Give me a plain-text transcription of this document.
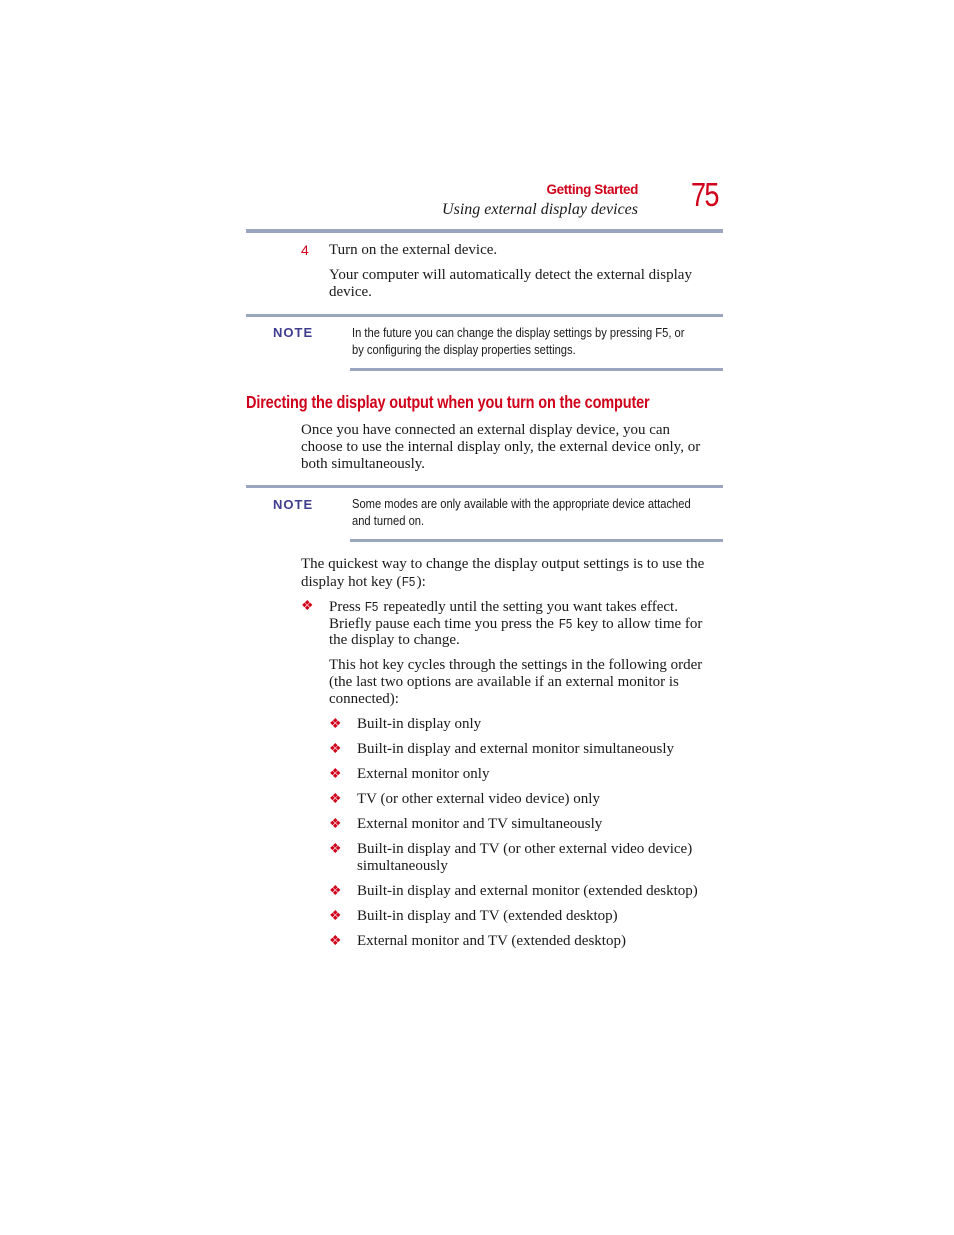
Getting Started
Using external display devices 75
4 Turn on the external device.
Your computer will automatically detect the external display
device.
NOTE	In the future you can change the display settings by pressing F5, or
by configuring the display properties settings.
Directing the display output when you turn on the computer
Once you have connected an external display device, you can
choose to use the internal display only, the external device only, or
both simultaneously.
NOTE	Some modes are only available with the appropriate device attached
and turned on.
The quickest way to change the display output settings is to use the
display hot key (F5):
❖ Press F5 repeatedly until the setting you want takes effect.
Briefly pause each time you press the F5 key to allow time for
the display to change.
This hot key cycles through the settings in the following order
(the last two options are available if an external monitor is
connected):
❖ Built-in display only
❖ Built-in display and external monitor simultaneously
❖ External monitor only
❖ TV (or other external video device) only
❖ External monitor and TV simultaneously
❖ Built-in display and TV (or other external video device)
simultaneously
❖ Built-in display and external monitor (extended desktop)
❖ Built-in display and TV (extended desktop)
❖ External monitor and TV (extended desktop)
